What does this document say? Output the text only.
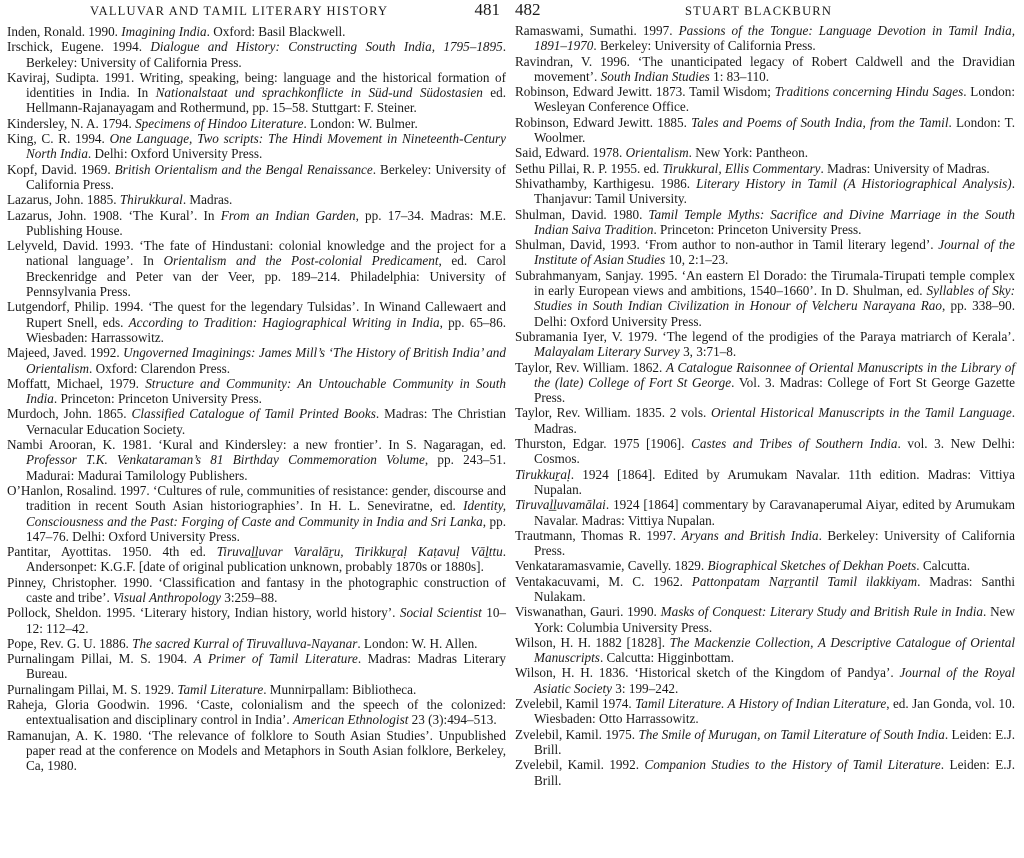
VALLUVAR AND TAMIL LITERARY HISTORY	481

Inden, Ronald. 1990. Imagining India. Oxford: Basil Blackwell.

Irschick, Eugene. 1994. Dialogue and History: Constructing South India, 1795–1895. Berkeley: University of California Press.

Kaviraj, Sudipta. 1991. Writing, speaking, being: language and the historical formation of identities in India. In Nationalstaat und sprachkonflicte in Süd-und Südostasien ed. Hellmann-Rajanayagam and Rothermund, pp. 15–58. Stuttgart: F. Steiner.

Kindersley, N. A. 1794. Specimens of Hindoo Literature. London: W. Bulmer.

King, C. R. 1994. One Language, Two scripts: The Hindi Movement in Nineteenth-Century North India. Delhi: Oxford University Press.

Kopf, David. 1969. British Orientalism and the Bengal Renaissance. Berkeley: University of California Press.

Lazarus, John. 1885. Thirukkural. Madras.

Lazarus, John. 1908. ‘The Kural’. In From an Indian Garden, pp. 17–34. Madras: M.E. Publishing House.

Lelyveld, David. 1993. ‘The fate of Hindustani: colonial knowledge and the project for a national language’. In Orientalism and the Post-colonial Predicament, ed. Carol Breckenridge and Peter van der Veer, pp. 189–214. Philadelphia: University of Pennsylvania Press.

Lutgendorf, Philip. 1994. ‘The quest for the legendary Tulsidas’. In Winand Callewaert and Rupert Snell, eds. According to Tradition: Hagiographical Writing in India, pp. 65–86. Wiesbaden: Harrassowitz.

Majeed, Javed. 1992. Ungoverned Imaginings: James Mill’s ‘The History of British India’ and Orientalism. Oxford: Clarendon Press.

Moffatt, Michael, 1979. Structure and Community: An Untouchable Community in South India. Princeton: Princeton University Press.

Murdoch, John. 1865. Classified Catalogue of Tamil Printed Books. Madras: The Christian Vernacular Education Society.

Nambi Arooran, K. 1981. ‘Kural and Kindersley: a new frontier’. In S. Nagaragan, ed. Professor T.K. Venkataraman’s 81 Birthday Commemoration Volume, pp. 243–51. Madurai: Madurai Tamilology Publishers.

O’Hanlon, Rosalind. 1997. ‘Cultures of rule, communities of resistance: gender, discourse and tradition in recent South Asian historiographies’. In H. L. Seneviratne, ed. Identity, Consciousness and the Past: Forging of Caste and Community in India and Sri Lanka, pp. 147–76. Delhi: Oxford University Press.

Pantitar, Ayottitas. 1950. 4th ed. Tiruvaḻḻuvar Varalāṟu, Tirikkuṟaḷ Kaṭavuḷ Vāḻttu. Andersonpet: K.G.F. [date of original publication unknown, probably 1870s or 1880s].

Pinney, Christopher. 1990. ‘Classification and fantasy in the photographic construction of caste and tribe’. Visual Anthropology 3:259–88.

Pollock, Sheldon. 1995. ‘Literary history, Indian history, world history’. Social Scientist 10–12: 112–42.

Pope, Rev. G. U. 1886. The sacred Kurral of Tiruvalluva-Nayanar. London: W. H. Allen.

Purnalingam Pillai, M. S. 1904. A Primer of Tamil Literature. Madras: Madras Literary Bureau.

Purnalingam Pillai, M. S. 1929. Tamil Literature. Munnirpallam: Bibliotheca.

Raheja, Gloria Goodwin. 1996. ‘Caste, colonialism and the speech of the colonized: entextualisation and disciplinary control in India’. American Ethnologist 23 (3):494–513.

Ramanujan, A. K. 1980. ‘The relevance of folklore to South Asian Studies’. Unpublished paper read at the conference on Models and Metaphors in South Asian folklore, Berkeley, Ca, 1980.

482	STUART BLACKBURN

Ramaswami, Sumathi. 1997. Passions of the Tongue: Language Devotion in Tamil India, 1891–1970. Berkeley: University of California Press.

Ravindran, V. 1996. ‘The unanticipated legacy of Robert Caldwell and the Dravidian movement’. South Indian Studies 1: 83–110.

Robinson, Edward Jewitt. 1873. Tamil Wisdom; Traditions concerning Hindu Sages. London: Wesleyan Conference Office.

Robinson, Edward Jewitt. 1885. Tales and Poems of South India, from the Tamil. London: T. Woolmer.

Said, Edward. 1978. Orientalism. New York: Pantheon.

Sethu Pillai, R. P. 1955. ed. Tirukkural, Ellis Commentary. Madras: University of Madras.

Shivathamby, Karthigesu. 1986. Literary History in Tamil (A Historiographical Analysis). Thanjavur: Tamil University.

Shulman, David. 1980. Tamil Temple Myths: Sacrifice and Divine Marriage in the South Indian Saiva Tradition. Princeton: Princeton University Press.

Shulman, David, 1993. ‘From author to non-author in Tamil literary legend’. Journal of the Institute of Asian Studies 10, 2:1–23.

Subrahmanyam, Sanjay. 1995. ‘An eastern El Dorado: the Tirumala-Tirupati temple complex in early European views and ambitions, 1540–1660’. In D. Shulman, ed. Syllables of Sky: Studies in South Indian Civilization in Honour of Velcheru Narayana Rao, pp. 338–90. Delhi: Oxford University Press.

Subramania Iyer, V. 1979. ‘The legend of the prodigies of the Paraya matriarch of Kerala’. Malayalam Literary Survey 3, 3:71–8.

Taylor, Rev. William. 1862. A Catalogue Raisonnee of Oriental Manuscripts in the Library of the (late) College of Fort St George. Vol. 3. Madras: College of Fort St George Gazette Press.

Taylor, Rev. William. 1835. 2 vols. Oriental Historical Manuscripts in the Tamil Language. Madras.

Thurston, Edgar. 1975 [1906]. Castes and Tribes of Southern India. vol. 3. New Delhi: Cosmos.

Tirukkuṟaḷ. 1924 [1864]. Edited by Arumukam Navalar. 11th edition. Madras: Vittiya Nupalan.

Tiruvaḻḻuvamālai. 1924 [1864] commentary by Caravanaperumal Aiyar, edited by Arumukam Navalar. Madras: Vittiya Nupalan.

Trautmann, Thomas R. 1997. Aryans and British India. Berkeley: University of California Press.

Venkataramasvamie, Cavelly. 1829. Biographical Sketches of Dekhan Poets. Calcutta.

Ventakacuvami, M. C. 1962. Pattonpatam Naṟṟantil Tamil ilakkiyam. Madras: Santhi Nulakam.

Viswanathan, Gauri. 1990. Masks of Conquest: Literary Study and British Rule in India. New York: Columbia University Press.

Wilson, H. H. 1882 [1828]. The Mackenzie Collection, A Descriptive Catalogue of Oriental Manuscripts. Calcutta: Higginbottam.

Wilson, H. H. 1836. ‘Historical sketch of the Kingdom of Pandya’. Journal of the Royal Asiatic Society 3: 199–242.

Zvelebil, Kamil 1974. Tamil Literature. A History of Indian Literature, ed. Jan Gonda, vol. 10. Wiesbaden: Otto Harrassowitz.

Zvelebil, Kamil. 1975. The Smile of Murugan, on Tamil Literature of South India. Leiden: E.J. Brill.

Zvelebil, Kamil. 1992. Companion Studies to the History of Tamil Literature. Leiden: E.J. Brill.
